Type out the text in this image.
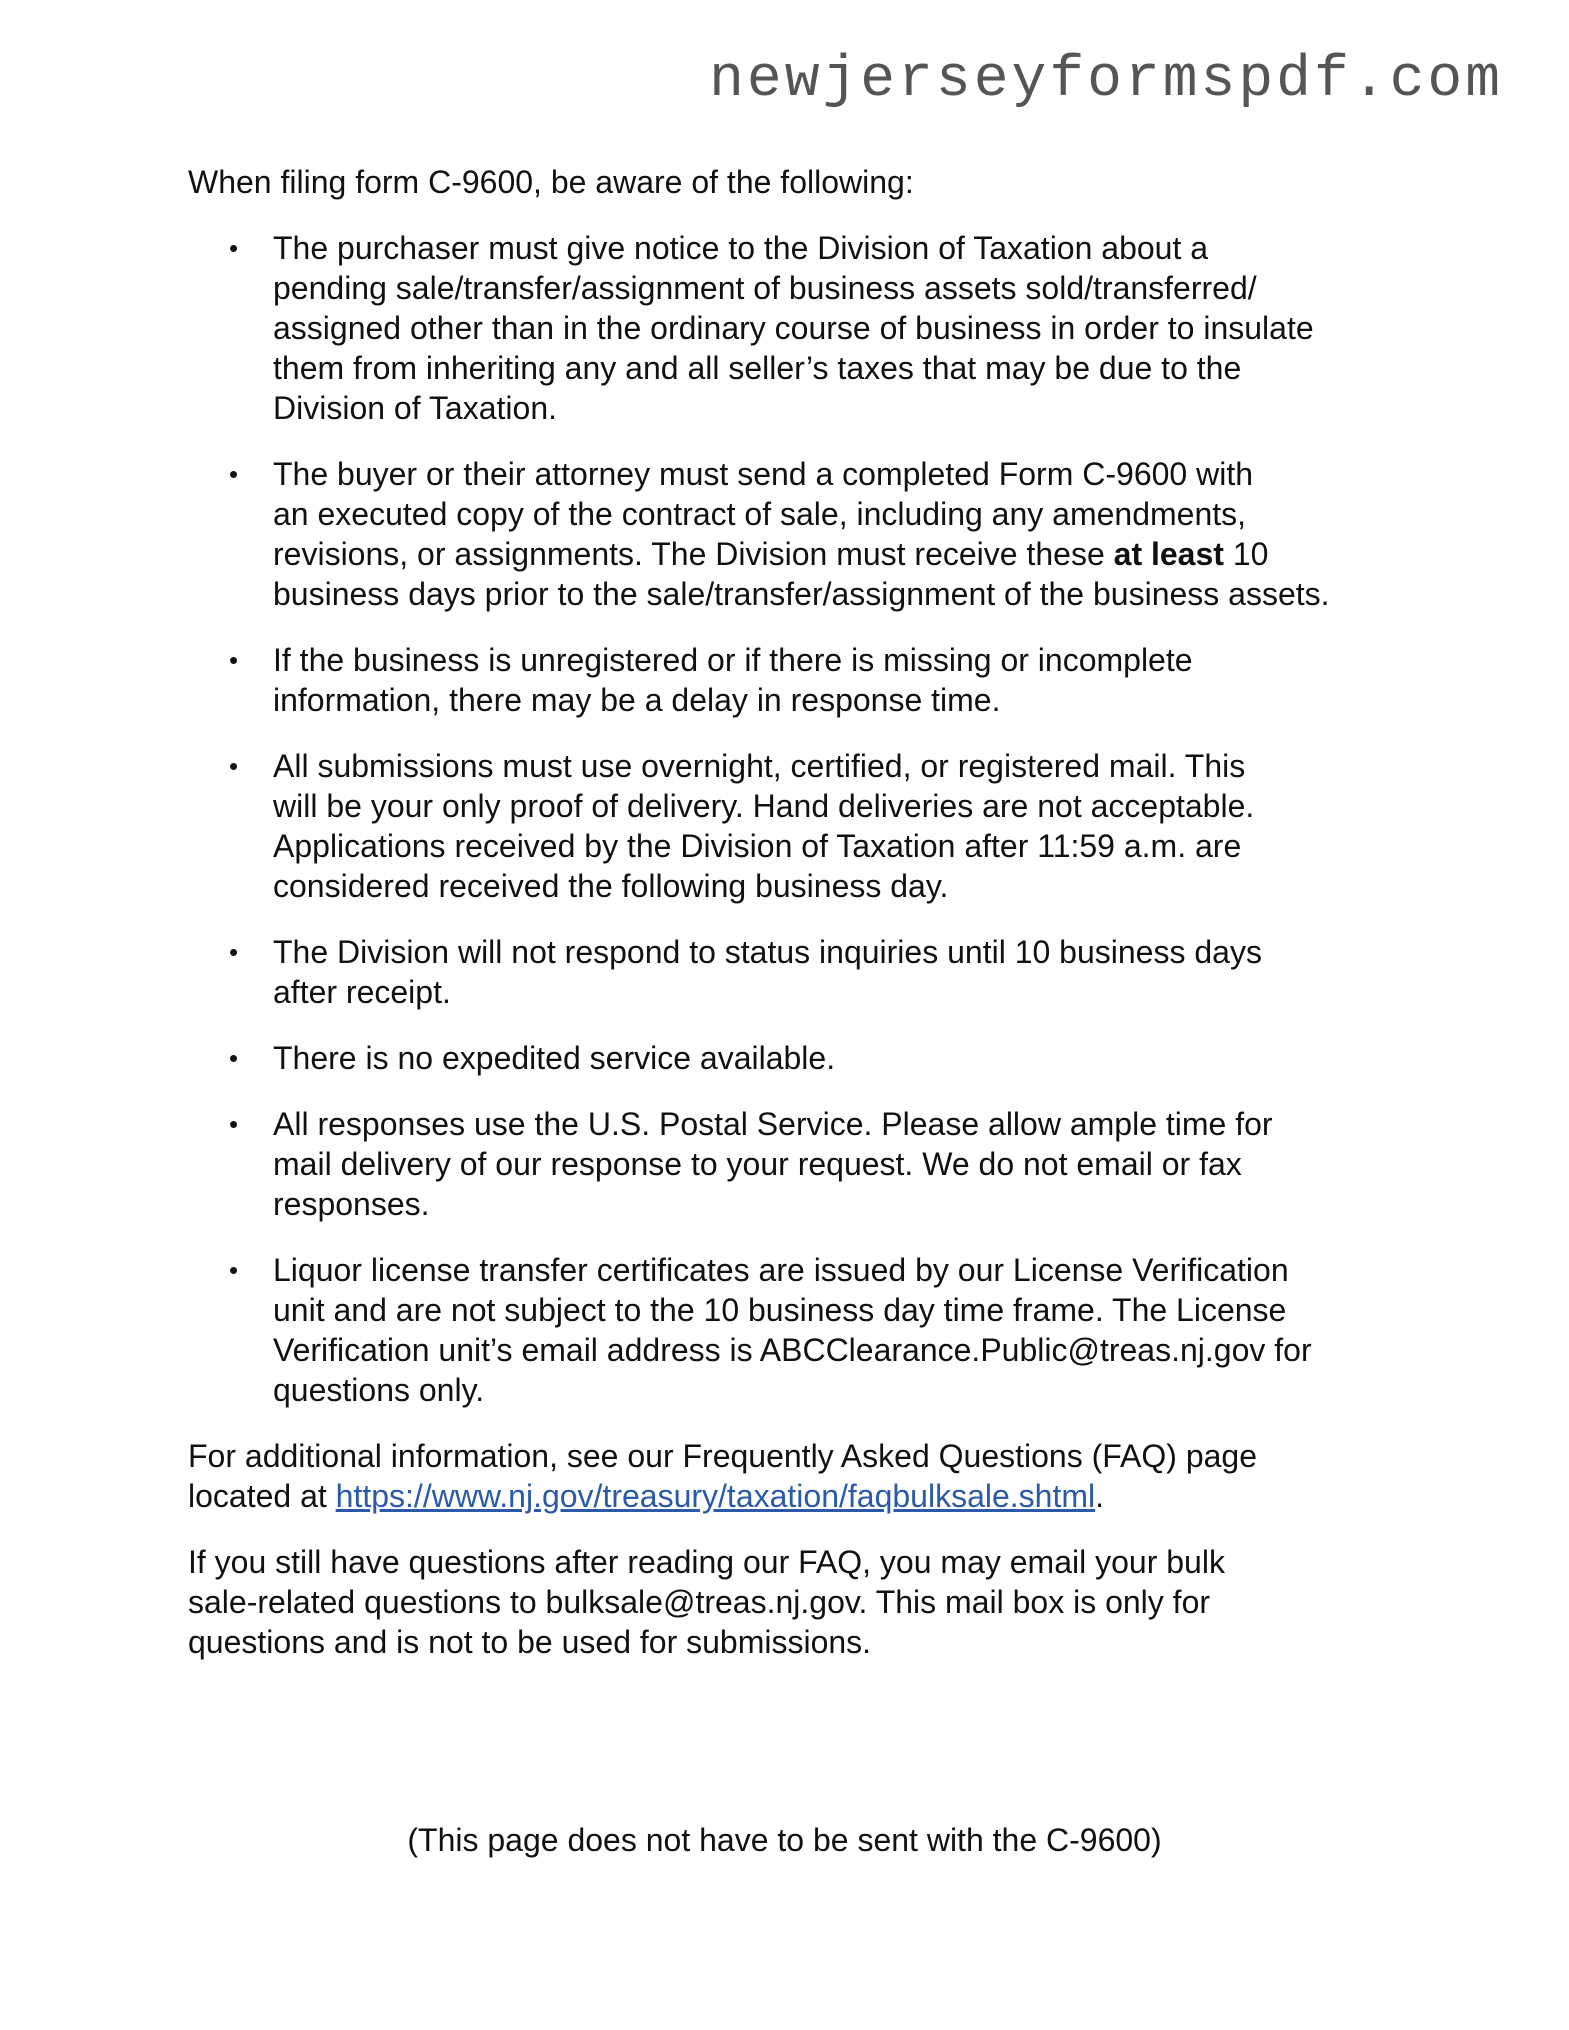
newjerseyformspdf.com

When filing form C-9600, be aware of the following:

• The purchaser must give notice to the Division of Taxation about a
pending sale/transfer/assignment of business assets sold/transferred/
assigned other than in the ordinary course of business in order to insulate
them from inheriting any and all seller’s taxes that may be due to the
Division of Taxation.
• The buyer or their attorney must send a completed Form C-9600 with
an executed copy of the contract of sale, including any amendments,
revisions, or assignments. The Division must receive these at least 10
business days prior to the sale/transfer/assignment of the business assets.
• If the business is unregistered or if there is missing or incomplete
information, there may be a delay in response time.
• All submissions must use overnight, certified, or registered mail. This
will be your only proof of delivery. Hand deliveries are not acceptable.
Applications received by the Division of Taxation after 11:59 a.m. are
considered received the following business day.
• The Division will not respond to status inquiries until 10 business days
after receipt.
• There is no expedited service available.
• All responses use the U.S. Postal Service. Please allow ample time for
mail delivery of our response to your request. We do not email or fax
responses.
• Liquor license transfer certificates are issued by our License Verification
unit and are not subject to the 10 business day time frame. The License
Verification unit’s email address is ABCClearance.Public@treas.nj.gov for
questions only.

For additional information, see our Frequently Asked Questions (FAQ) page
located at https://www.nj.gov/treasury/taxation/faqbulksale.shtml.

If you still have questions after reading our FAQ, you may email your bulk
sale-related questions to bulksale@treas.nj.gov. This mail box is only for
questions and is not to be used for submissions.

(This page does not have to be sent with the C-9600)
